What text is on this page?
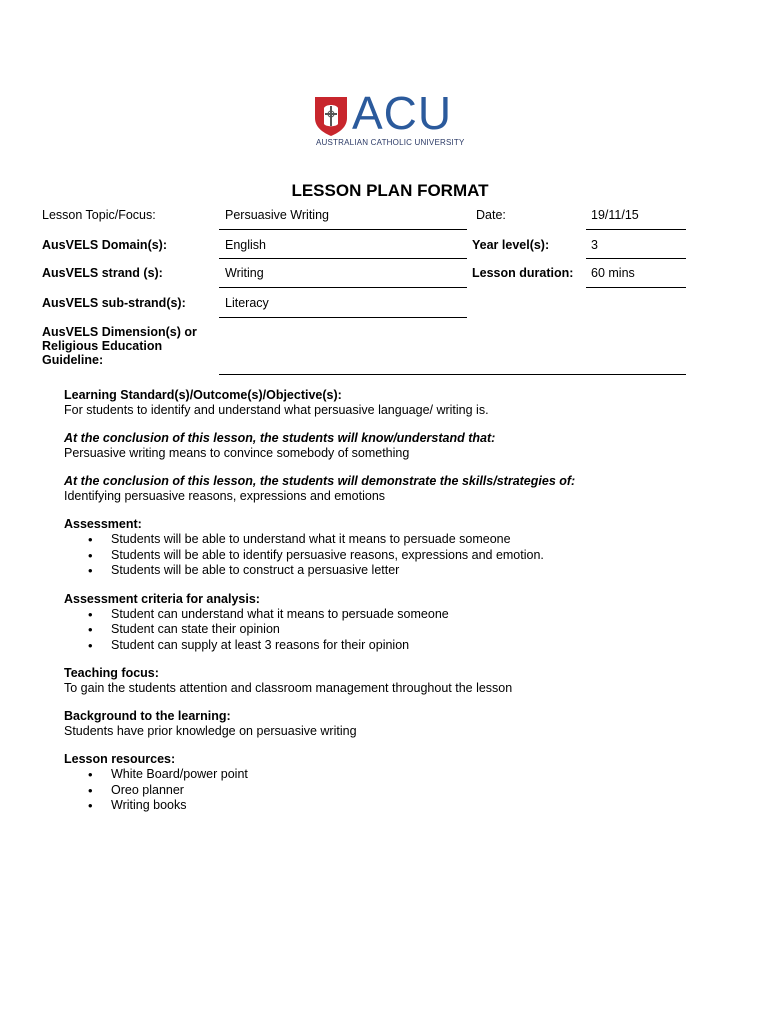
ACU
AUSTRALIAN CATHOLIC UNIVERSITY
LESSON PLAN FORMAT
Lesson Topic/Focus:	Persuasive Writing	Date:	19/11/15
AusVELS Domain(s):	English	Year level(s):	3
AusVELS strand (s):	Writing	Lesson duration: 60 mins
AusVELS sub-strand(s):	Literacy
AusVELS Dimension(s) or
Religious Education
Guideline:
Learning Standard(s)/Outcome(s)/Objective(s):

For students to identify and understand what persuasive language/ writing is.

At the conclusion of this lesson, the students will know/understand that:

Persuasive writing means to convince somebody of something

At the conclusion of this lesson, the students will demonstrate the skills/strategies of:

Identifying persuasive reasons, expressions and emotions

Assessment:
• Students will be able to understand what it means to persuade someone
• Students will be able to identify persuasive reasons, expressions and emotion.
• Students will be able to construct a persuasive letter
Assessment criteria for analysis:
• Student can understand what it means to persuade someone
• Student can state their opinion
• Student can supply at least 3 reasons for their opinion
Teaching focus:

To gain the students attention and classroom management throughout the lesson

Background to the learning:

Students have prior knowledge on persuasive writing

Lesson resources:
• White Board/power point
• Oreo planner
• Writing books
